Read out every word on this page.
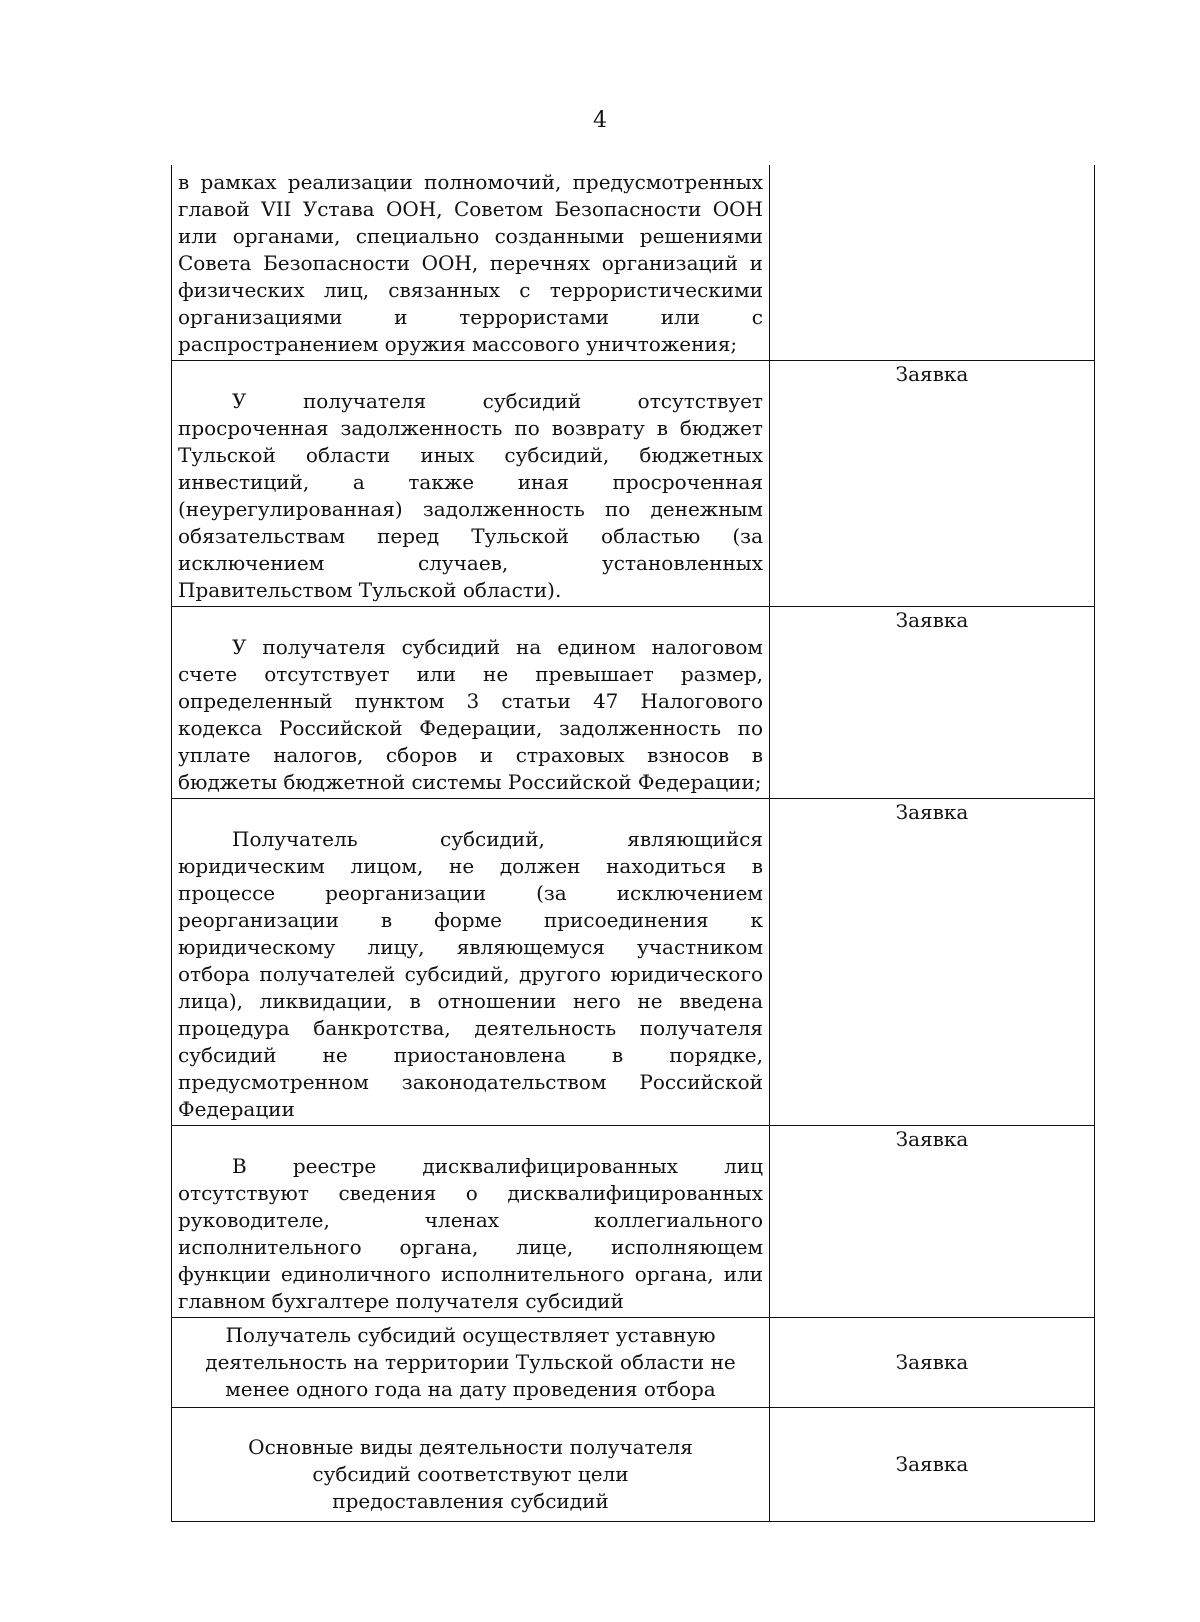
4

в рамках реализации полномочий, предусмотренных главой VII Устава ООН, Советом Безопасности ООН или органами, специально созданными решениями Совета Безопасности ООН, перечнях организаций и физических лиц, связанных с террористическими организациями и террористами или с распространением оружия массового уничтожения;	

У получателя субсидий отсутствует просроченная задолженность по возврату в бюджет Тульской области иных субсидий, бюджетных инвестиций, а также иная просроченная (неурегулированная) задолженность по денежным обязательствам перед Тульской областью (за исключением случаев, установленных Правительством Тульской области).	Заявка

У получателя субсидий на едином налоговом счете отсутствует или не превышает размер, определенный пунктом 3 статьи 47 Налогового кодекса Российской Федерации, задолженность по уплате налогов, сборов и страховых взносов в бюджеты бюджетной системы Российской Федерации;	Заявка

Получатель субсидий, являющийся юридическим лицом, не должен находиться в процессе реорганизации (за исключением реорганизации в форме присоединения к юридическому лицу, являющемуся участником отбора получателей субсидий, другого юридического лица), ликвидации, в отношении него не введена процедура банкротства, деятельность получателя субсидий не приостановлена в порядке, предусмотренном законодательством Российской Федерации	Заявка

В реестре дисквалифицированных лиц отсутствуют сведения о дисквалифицированных руководителе, членах коллегиального исполнительного органа, лице, исполняющем функции единоличного исполнительного органа, или главном бухгалтере получателя субсидий	Заявка

Получатель субсидий осуществляет уставную деятельность на территории Тульской области не менее одного года на дату проведения отбора	Заявка

Основные виды деятельности получателя субсидий соответствуют цели предоставления субсидий	Заявка
